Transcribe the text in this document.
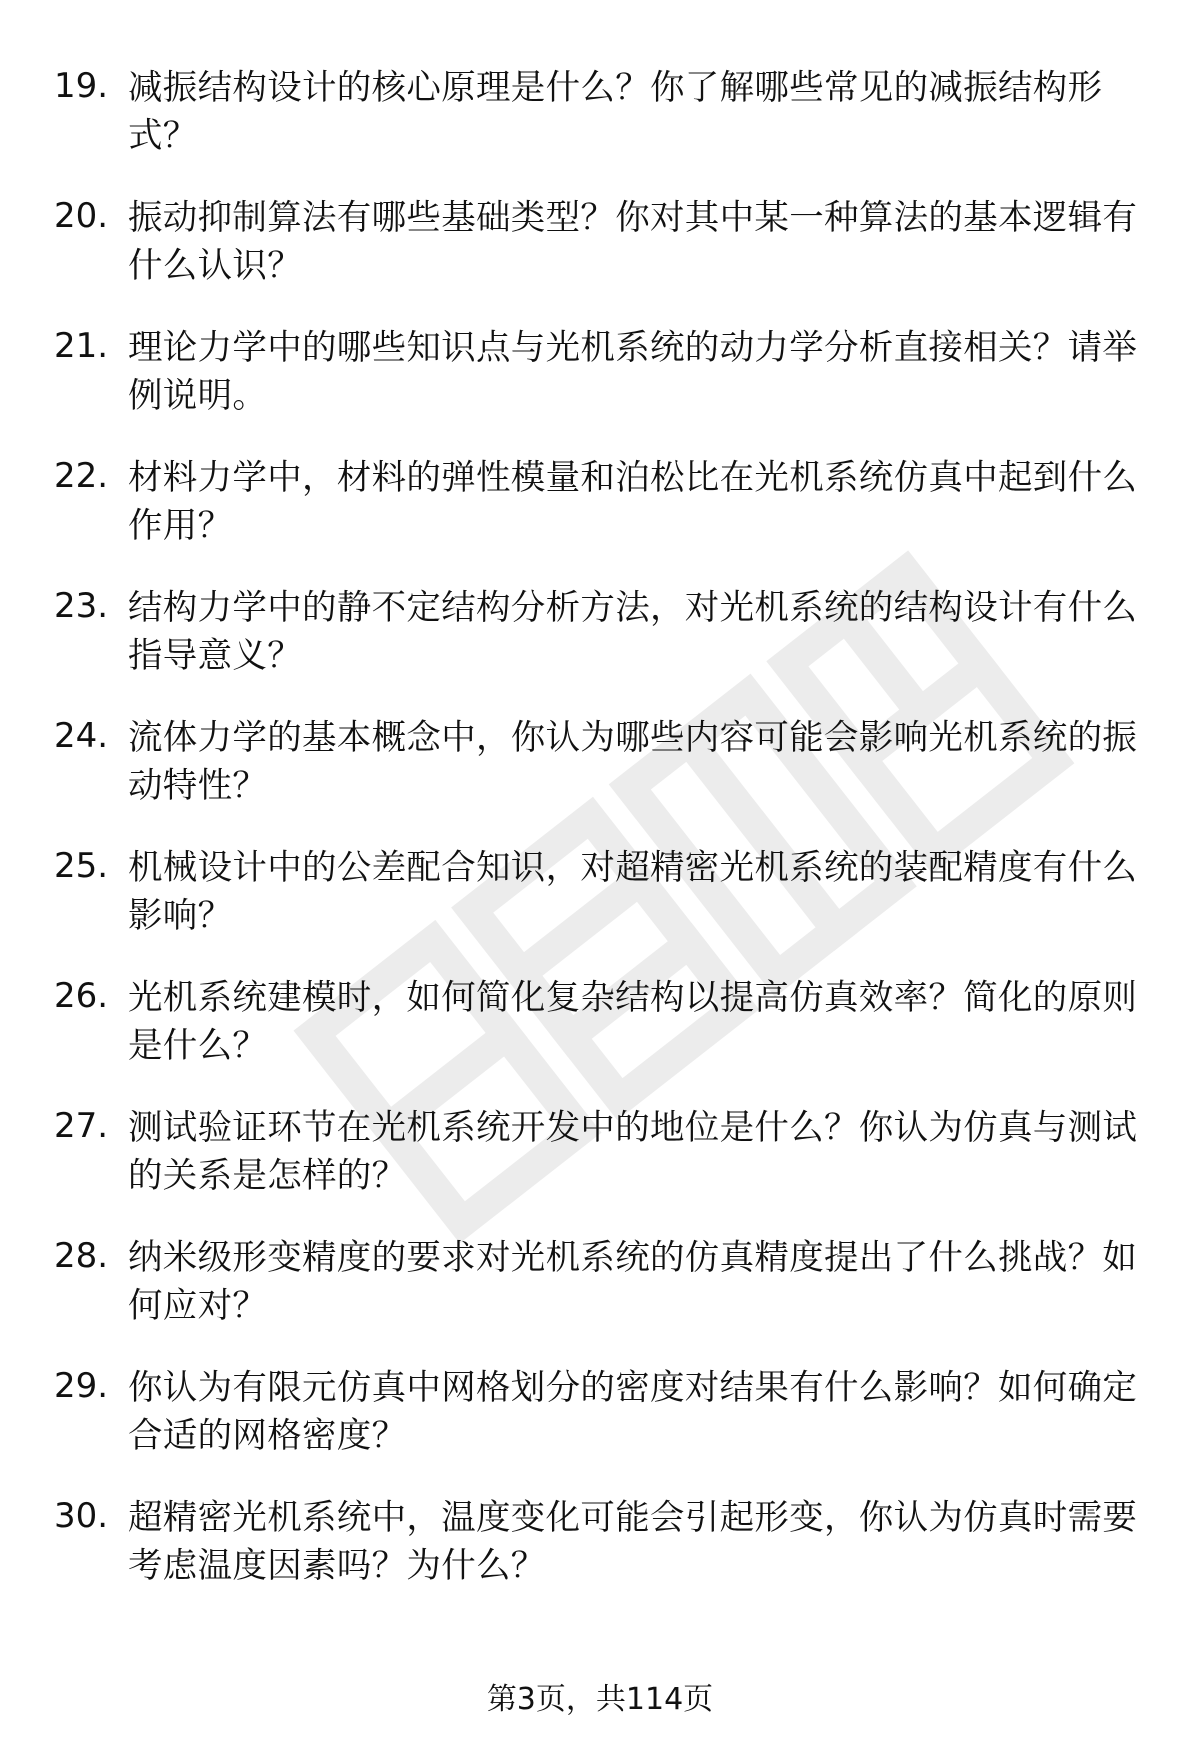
19. 减振结构设计的核心原理是什么？你了解哪些常见的减振结构形式？
20. 振动抑制算法有哪些基础类型？你对其中某一种算法的基本逻辑有什么认识？
21. 理论力学中的哪些知识点与光机系统的动力学分析直接相关？请举例说明。
22. 材料力学中，材料的弹性模量和泊松比在光机系统仿真中起到什么作用？
23. 结构力学中的静不定结构分析方法，对光机系统的结构设计有什么指导意义？
24. 流体力学的基本概念中，你认为哪些内容可能会影响光机系统的振动特性？
25. 机械设计中的公差配合知识，对超精密光机系统的装配精度有什么影响？
26. 光机系统建模时，如何简化复杂结构以提高仿真效率？简化的原则是什么？
27. 测试验证环节在光机系统开发中的地位是什么？你认为仿真与测试的关系是怎样的？
28. 纳米级形变精度的要求对光机系统的仿真精度提出了什么挑战？如何应对？
29. 你认为有限元仿真中网格划分的密度对结果有什么影响？如何确定合适的网格密度？
30. 超精密光机系统中，温度变化可能会引起形变，你认为仿真时需要考虑温度因素吗？为什么？
第3页，共114页
